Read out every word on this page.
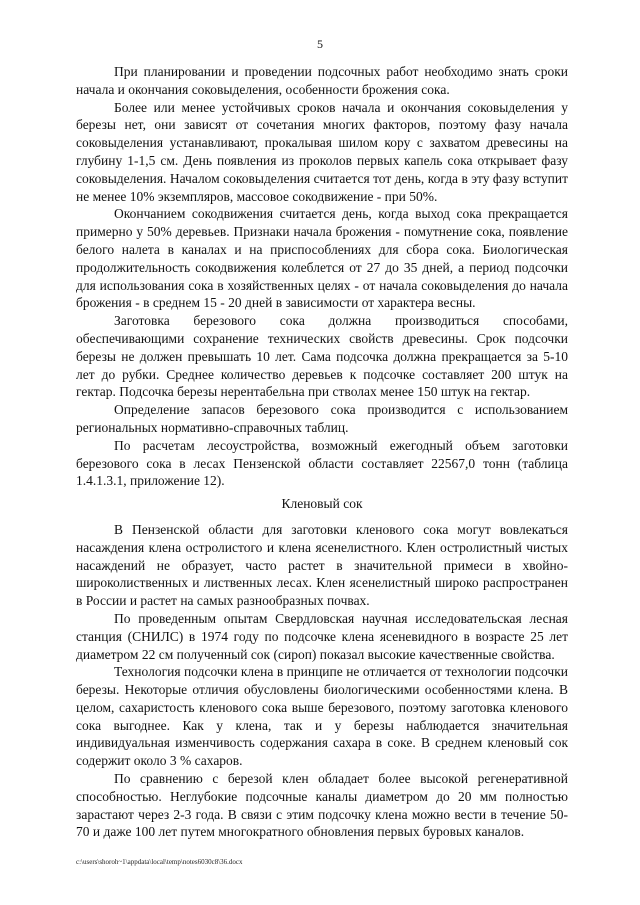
5

При планировании и проведении подсочных работ необходимо знать сроки начала и окончания соковыделения, особенности брожения сока.

Более или менее устойчивых сроков начала и окончания соковыделения у березы нет, они зависят от сочетания многих факторов, поэтому фазу начала соковыделения устанавливают, прокалывая шилом кору с захватом древесины на глубину 1-1,5 см. День появления из проколов первых капель сока открывает фазу соковыделения. Началом соковыделения считается тот день, когда в эту фазу вступит не менее 10% экземпляров, массовое сокодвижение - при 50%.

Окончанием сокодвижения считается день, когда выход сока прекращается примерно у 50% деревьев. Признаки начала брожения - помутнение сока, появление белого налета в каналах и на приспособлениях для сбора сока. Биологическая продолжительность сокодвижения колеблется от 27 до 35 дней, а период подсочки для использования сока в хозяйственных целях - от начала соковыделения до начала брожения - в среднем 15 - 20 дней в зависимости от характера весны.

Заготовка березового сока должна производиться способами, обеспечивающими сохранение технических свойств древесины. Срок подсочки березы не должен превышать 10 лет. Сама подсочка должна прекращается за 5-10 лет до рубки. Среднее количество деревьев к подсочке составляет 200 штук на гектар. Подсочка березы нерентабельна при стволах менее 150 штук на гектар.

Определение запасов березового сока производится с использованием региональных нормативно-справочных таблиц.

По расчетам лесоустройства, возможный ежегодный объем заготовки березового сока в лесах Пензенской области составляет 22567,0 тонн (таблица 1.4.1.3.1, приложение 12).

Кленовый сок

В Пензенской области для заготовки кленового сока могут вовлекаться насаждения клена остролистого и клена ясенелистного. Клен остролистный чистых насаждений не образует, часто растет в значительной примеси в хвойно-широколиственных и лиственных лесах. Клен ясенелистный широко распространен в России и растет на самых разнообразных почвах.

По проведенным опытам Свердловская научная исследовательская лесная станция (СНИЛС) в 1974 году по подсочке клена ясеневидного в возрасте 25 лет диаметром 22 см полученный сок (сироп) показал высокие качественные свойства.

Технология подсочки клена в принципе не отличается от технологии подсочки березы. Некоторые отличия обусловлены биологическими особенностями клена. В целом, сахаристость кленового сока выше березового, поэтому заготовка кленового сока выгоднее. Как у клена, так и у березы наблюдается значительная индивидуальная изменчивость содержания сахара в соке. В среднем кленовый сок содержит около 3 % сахаров.

По сравнению с березой клен обладает более высокой регенеративной способностью. Неглубокие подсочные каналы диаметром до 20 мм полностью зарастают через 2-3 года. В связи с этим подсочку клена можно вести в течение 50-70 и даже 100 лет путем многократного обновления первых буровых каналов.

c:\users\shoroh~1\appdata\local\temp\notes6030c8\36.docx
